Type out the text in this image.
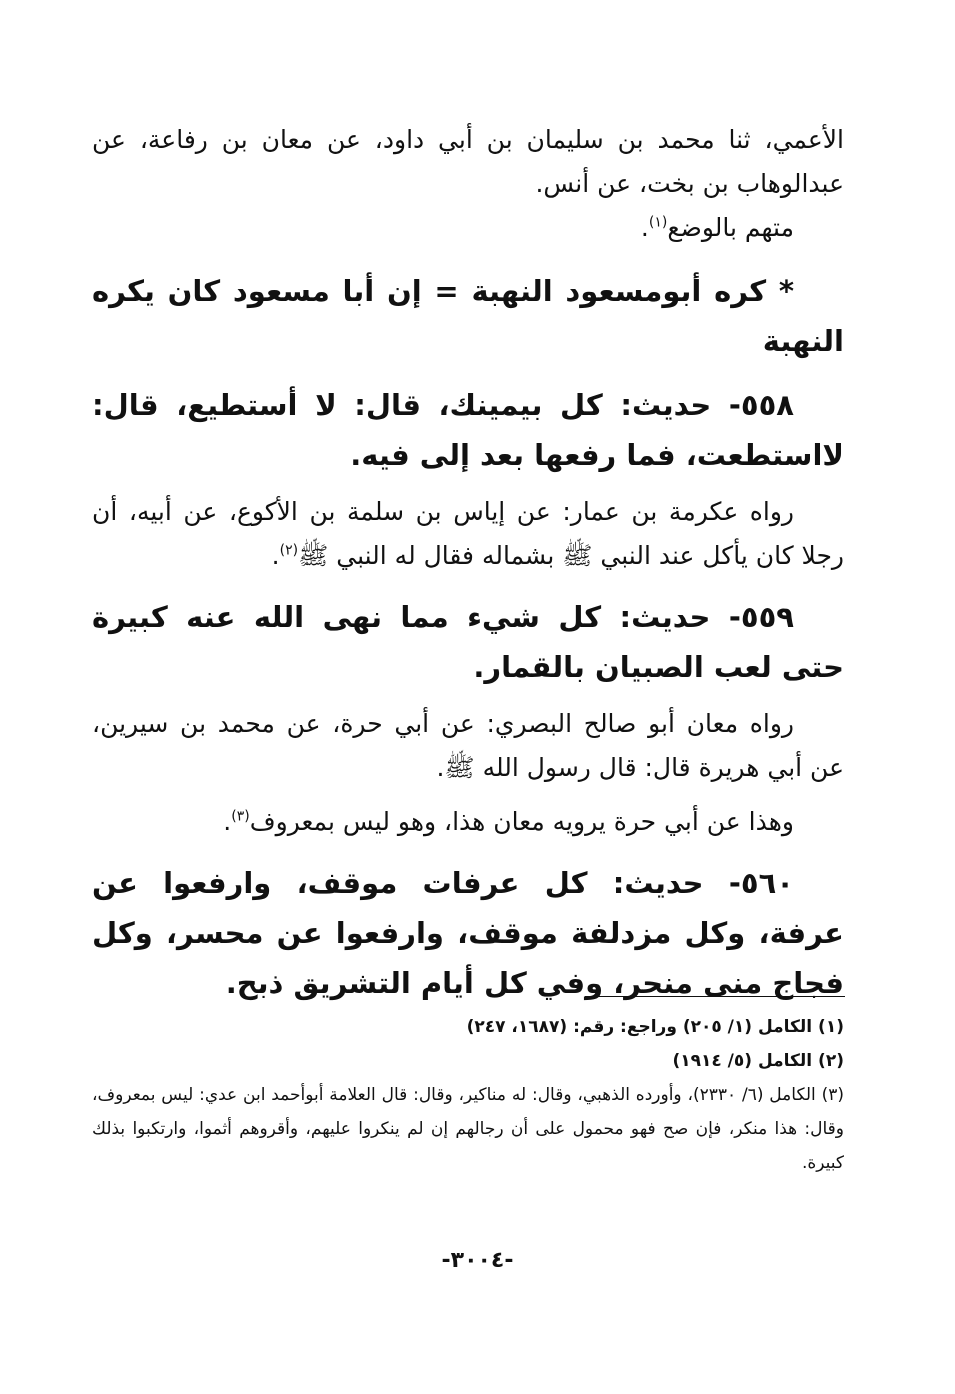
الأعمي، ثنا محمد بن سليمان بن أبي داود، عن معان بن رفاعة، عن عبدالوهاب بن بخت، عن أنس.

متهم بالوضع$^{(١)}$.

* كره أبومسعود النهبة = إن أبا مسعود كان يكره النهبة

٥٥٨- حديث: كل بيمينك، قال: لا أستطيع، قال: لااستطعت، فما رفعها بعد إلى فيه.

رواه عكرمة بن عمار: عن إياس بن سلمة بن الأكوع، عن أبيه، أن رجلا كان يأكل عند النبي ﷺ بشماله فقال له النبي ﷺ$^{(٢)}$.

٥٥٩- حديث: كل شيء مما نهى الله عنه كبيرة حتى لعب الصبيان بالقمار.

رواه معان أبو صالح البصري: عن أبي حرة، عن محمد بن سيرين، عن أبي هريرة قال: قال رسول الله ﷺ.

وهذا عن أبي حرة يرويه معان هذا، وهو ليس بمعروف$^{(٣)}$.

٥٦٠- حديث: كل عرفات موقف، وارفعوا عن عرفة، وكل مزدلفة موقف، وارفعوا عن محسر، وكل فجاج منى منحر، وفي كل أيام التشريق ذبح.

(١) الكامل (١/ ٢٠٥) وراجع: رقم: (١٦٨٧، ٢٤٧)

(٢) الكامل (٥/ ١٩١٤)

(٣) الكامل (٦/ ٢٣٣٠)، وأورده الذهبي، وقال: له مناكير، وقال: قال العلامة أبوأحمد ابن عدي: ليس بمعروف، وقال: هذا منكر، فإن صح فهو محمول على أن رجالهم إن لم ينكروا عليهم، وأقروهم أثموا، وارتكبوا بذلك كبيرة.

-٣٠٠٤-
